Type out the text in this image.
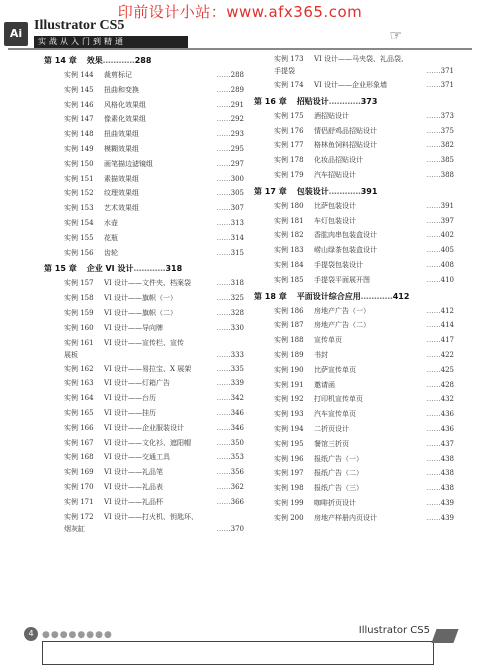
印前设计小站：www.afx365.com
Ai
Illustrator CS5
实战从入门到精通	☞
第 14 章 效果…………288
实例 144 裁剪标记	……288
实例 145 扭曲和变换	……289
实例 146 风格化效果组	……291
实例 147 像素化效果组	……292
实例 148 扭曲效果组	……293
实例 149 模糊效果组	……295
实例 150 画笔描边滤镜组	……297
实例 151 素描效果组	……300
实例 152 纹理效果组	……305
实例 153 艺术效果组	……307
实例 154 水壶	……313
实例 155 花瓶	……314
实例 156 齿轮	……315
第 15 章 企业 VI 设计…………318
实例 157 VI 设计——文件夹、档案袋	……318
实例 158 VI 设计——旗帜（一）	……325
实例 159 VI 设计——旗帜（二）	……328
实例 160 VI 设计——导向牌	……330
实例 161 VI 设计——宣传栏、宣传
展板	……333
实例 162 VI 设计——易拉宝、X 展架	……335
实例 163 VI 设计——灯箱广告	……339
实例 164 VI 设计——台历	……342
实例 165 VI 设计——挂历	……346
实例 166 VI 设计——企业服装设计	……346
实例 167 VI 设计——文化衫、遮阳帽	……350
实例 168 VI 设计——交通工具	……353
实例 169 VI 设计——礼品笔	……356
实例 170 VI 设计——礼品表	……362
实例 171 VI 设计——礼品杯	……366
实例 172 VI 设计——打火机、钥匙环、
烟灰缸	……370
实例 173 VI 设计——马夹袋、礼品袋、
手提袋	……371
实例 174 VI 设计——企业形象墙	……371
第 16 章 招贴设计…………373
实例 175 酒招贴设计	……373
实例 176 情侣舒鸡品招贴设计	……375
实例 177 格林鱼饲料招贴设计	……382
实例 178 化妆品招贴设计	……385
实例 179 汽车招贴设计	……388
第 17 章 包装设计…………391
实例 180 比萨包装设计	……391
实例 181 车灯包装设计	……397
实例 182 香肱肉串包装盒设计	……402
实例 183 崂山绿茶包装盒设计	……405
实例 184 手提袋包装设计	……408
实例 185 手提袋平面展开图	……410
第 18 章 平面设计综合应用…………412
实例 186 房地产广告（一）	……412
实例 187 房地产广告（二）	……414
实例 188 宣传单页	……417
实例 189 书封	……422
实例 190 比萨宣传单页	……425
实例 191 邀请函	……428
实例 192 打印机宣传单页	……432
实例 193 汽车宣传单页	……436
实例 194 二折页设计	……436
实例 195 餐馆三折页	……437
实例 196 报纸广告（一）	……438
实例 197 报纸广告（二）	……438
实例 198 报纸广告（三）	……438
实例 199 咖啡折页设计	……439
实例 200 房地产样册内页设计	……439
4 ●●●●●●●●	Illustrator CS5
